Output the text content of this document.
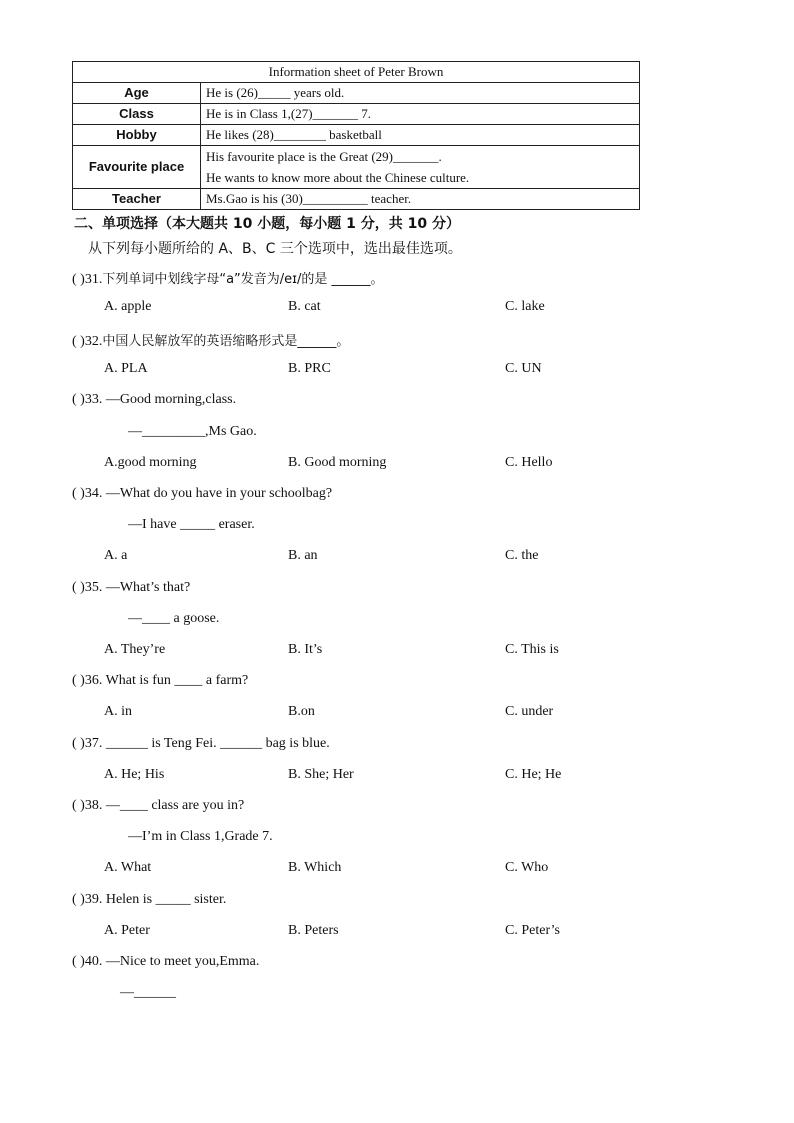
Information sheet of Peter Brown	
Age	He is (26)_____ years old.
Class	He is in Class 1,(27)_______ 7.
Hobby	He likes (28)________ basketball
Favourite place	His favourite place is the Great (29)_______.
He wants to know more about the Chinese culture.

Teacher	Ms.Gao is his (30)__________ teacher.
二、单项选择（本大题共 10 小题，每小题 1 分，共 10 分）
从下列每小题所给的 A、B、C 三个选项中，选出最佳选项。
( )31.下列单词中划线字母“a”发音为/eɪ/的是 ______。
A. apple	B. cat	C. lake
( )32.中国人民解放军的英语缩略形式是______。
A. PLA	B. PRC	C. UN
( )33. —Good morning,class.
—_________,Ms Gao.
A.good morning	B. Good morning	C. Hello
( )34. —What do you have in your schoolbag?
—I have _____ eraser.
A. a	B. an	C. the
( )35. —What’s that?
—____ a goose.
A. They’re	B. It’s	C. This is
( )36. What is fun ____ a farm?
A. in	B.on	C. under
( )37. ______ is Teng Fei. ______ bag is blue.
A. He; His	B. She; Her	C. He; He
( )38. —____ class are you in?
—I’m in Class 1,Grade 7.
A. What	B. Which	C. Who
( )39. Helen is _____ sister.
A. Peter	B. Peters	C. Peter’s
( )40. —Nice to meet you,Emma.
—______
